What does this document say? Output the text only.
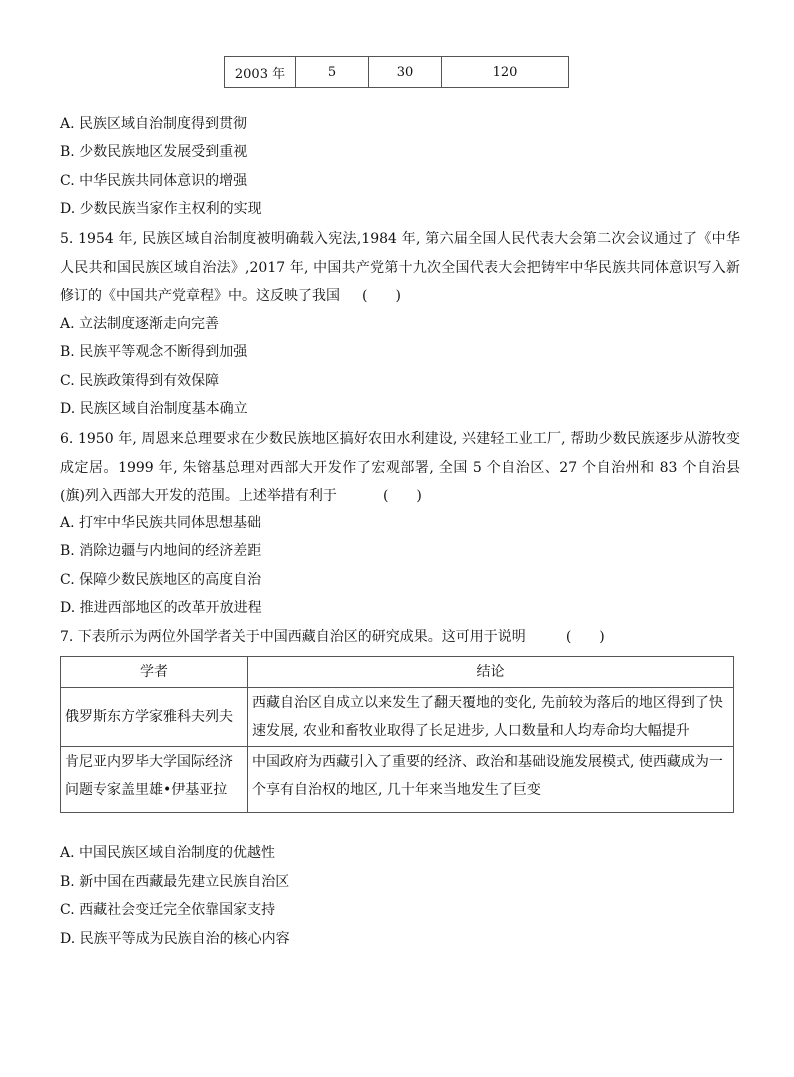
2003 年	5	30	120
A. 民族区域自治制度得到贯彻
B. 少数民族地区发展受到重视
C. 中华民族共同体意识的增强
D. 少数民族当家作主权利的实现
5. 1954 年, 民族区域自治制度被明确载入宪法,1984 年, 第六届全国人民代表大会第二次会议通过了《中华人民共和国民族区域自治法》,2017 年, 中国共产党第十九次全国代表大会把铸牢中华民族共同体意识写入新修订的《中国共产党章程》中。这反映了我国 (　　)
A. 立法制度逐渐走向完善
B. 民族平等观念不断得到加强
C. 民族政策得到有效保障
D. 民族区域自治制度基本确立
6. 1950 年, 周恩来总理要求在少数民族地区搞好农田水利建设, 兴建轻工业工厂, 帮助少数民族逐步从游牧变成定居。1999 年, 朱镕基总理对西部大开发作了宏观部署, 全国 5 个自治区、27 个自治州和 83 个自治县(旗)列入西部大开发的范围。上述举措有利于	(　　)
A. 打牢中华民族共同体思想基础
B. 消除边疆与内地间的经济差距
C. 保障少数民族地区的高度自治
D. 推进西部地区的改革开放进程
7. 下表所示为两位外国学者关于中国西藏自治区的研究成果。这可用于说明	(　　)
学者	结论
俄罗斯东方学家雅科夫列夫	西藏自治区自成立以来发生了翻天覆地的变化, 先前较为落后的地区得到了快速发展, 农业和畜牧业取得了长足进步, 人口数量和人均寿命均大幅提升
肯尼亚内罗毕大学国际经济问题专家盖里雄•伊基亚拉	中国政府为西藏引入了重要的经济、政治和基础设施发展模式, 使西藏成为一个享有自治权的地区, 几十年来当地发生了巨变
A. 中国民族区域自治制度的优越性
B. 新中国在西藏最先建立民族自治区
C. 西藏社会变迁完全依靠国家支持
D. 民族平等成为民族自治的核心内容
